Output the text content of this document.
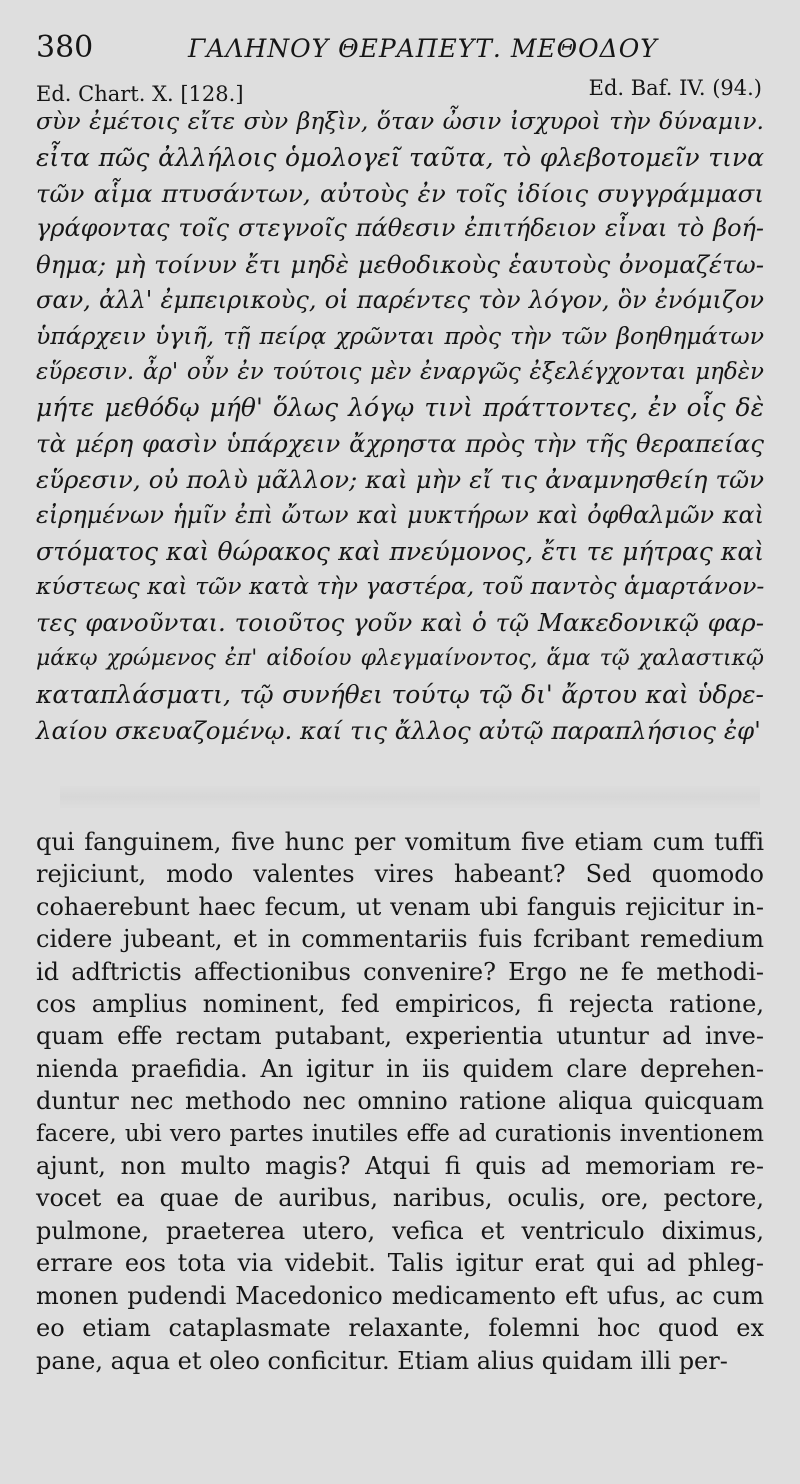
380	ΓΑΛΗΝΟΥ ΘΕΡΑΠΕΥΤ. ΜΕΘΟΔΟΥ
Ed. Chart. X. [128.]	Ed. Baf. IV. (94.)
σὺν ἐμέτοις εἴτε σὺν βηξὶν, ὅταν ὦσιν ἰσχυροὶ τὴν δύναμιν.
εἶτα πῶς ἀλλήλοις ὁμολογεῖ ταῦτα, τὸ φλεβοτομεῖν τινα
τῶν αἷμα πτυσάντων, αὐτοὺς ἐν τοῖς ἰδίοις συγγράμμασι
γράφοντας τοῖς στεγνοῖς πάθεσιν ἐπιτήδειον εἶναι τὸ βοή-
θημα; μὴ τοίνυν ἔτι μηδὲ μεθοδικοὺς ἑαυτοὺς ὀνομαζέτω-
σαν, ἀλλ' ἐμπειρικοὺς, οἱ παρέντες τὸν λόγον, ὃν ἐνόμιζον
ὑπάρχειν ὑγιῆ, τῇ πείρᾳ χρῶνται πρὸς τὴν τῶν βοηθημάτων
εὕρεσιν. ἆρ' οὖν ἐν τούτοις μὲν ἐναργῶς ἐξελέγχονται μηδὲν
μήτε μεθόδῳ μήθ' ὅλως λόγῳ τινὶ πράττοντες, ἐν οἷς δὲ
τὰ μέρη φασὶν ὑπάρχειν ἄχρηστα πρὸς τὴν τῆς θεραπείας
εὕρεσιν, οὐ πολὺ μᾶλλον; καὶ μὴν εἴ τις ἀναμνησθείη τῶν
εἰρημένων ἡμῖν ἐπὶ ὤτων καὶ μυκτήρων καὶ ὀφθαλμῶν καὶ
στόματος καὶ θώρακος καὶ πνεύμονος, ἔτι τε μήτρας καὶ
κύστεως καὶ τῶν κατὰ τὴν γαστέρα, τοῦ παντὸς ἁμαρτάνον-
τες φανοῦνται. τοιοῦτος γοῦν καὶ ὁ τῷ Μακεδονικῷ φαρ-
μάκῳ χρώμενος ἐπ' αἰδοίου φλεγμαίνοντος, ἅμα τῷ χαλαστικῷ
καταπλάσματι, τῷ συνήθει τούτῳ τῷ δι' ἄρτου καὶ ὑδρε-
λαίου σκευαζομένῳ. καί τις ἄλλος αὐτῷ παραπλήσιος ἐφ'
qui fanguinem, five hunc per vomitum five etiam cum tuffi
rejiciunt, modo valentes vires habeant? Sed quomodo
cohaerebunt haec fecum, ut venam ubi fanguis rejicitur in-
cidere jubeant, et in commentariis fuis fcribant remedium
id adftrictis affectionibus convenire? Ergo ne fe methodi-
cos amplius nominent, fed empiricos, fi rejecta ratione,
quam effe rectam putabant, experientia utuntur ad inve-
nienda praefidia. An igitur in iis quidem clare deprehen-
duntur nec methodo nec omnino ratione aliqua quicquam
facere, ubi vero partes inutiles effe ad curationis inventionem
ajunt, non multo magis? Atqui fi quis ad memoriam re-
vocet ea quae de auribus, naribus, oculis, ore, pectore,
pulmone, praeterea utero, vefica et ventriculo diximus,
errare eos tota via videbit. Talis igitur erat qui ad phleg-
monen pudendi Macedonico medicamento eft ufus, ac cum
eo etiam cataplasmate relaxante, folemni hoc quod ex
pane, aqua et oleo conficitur. Etiam alius quidam illi per-
